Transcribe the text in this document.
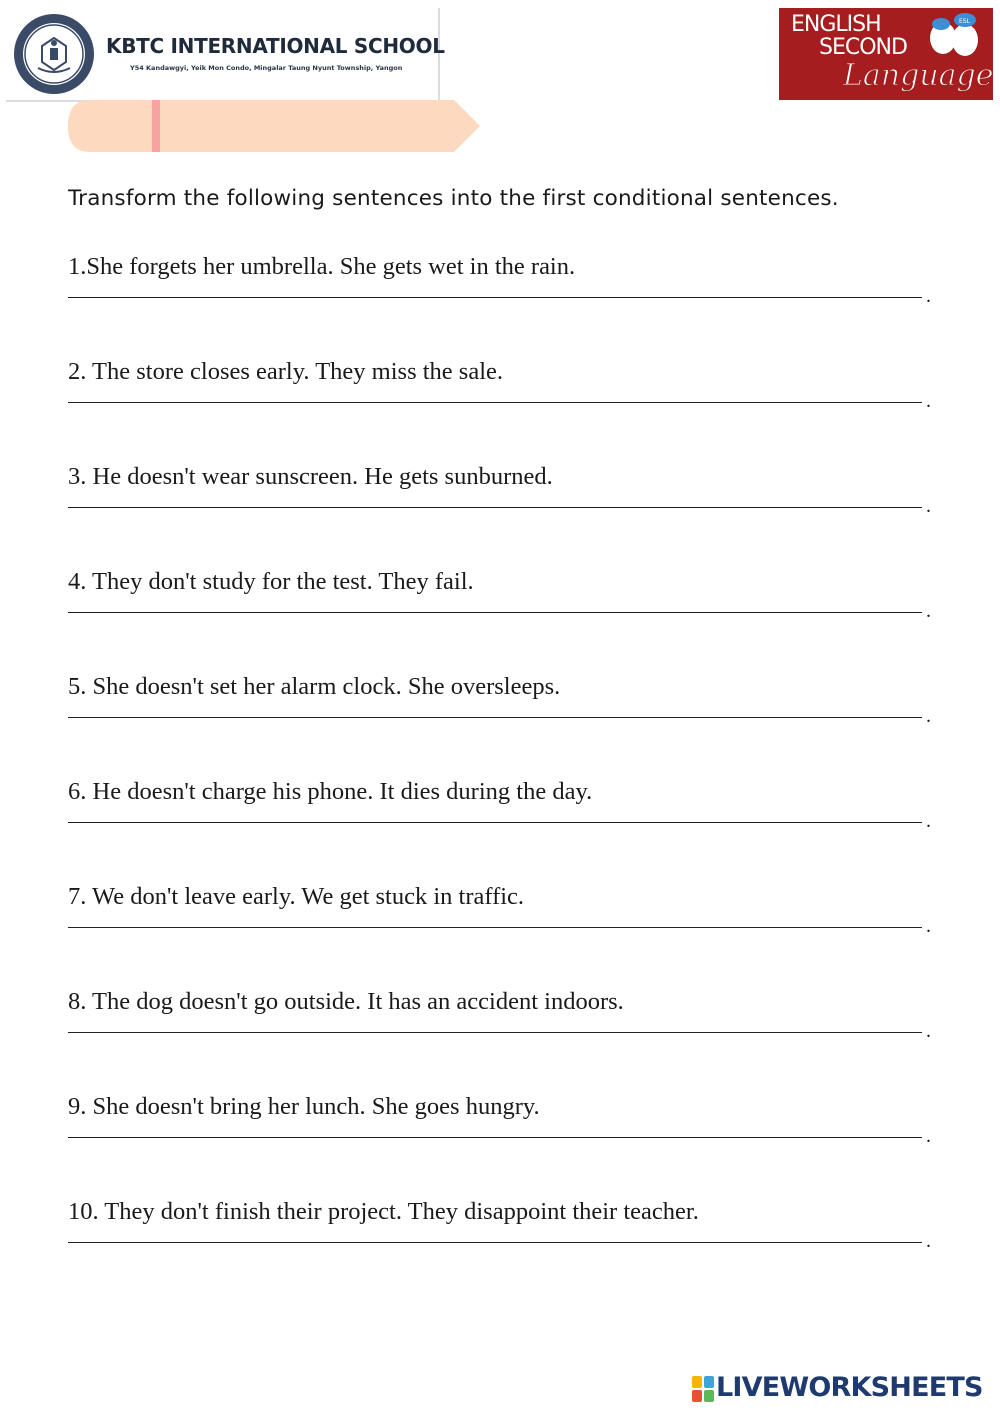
KBTC INTERNATIONAL SCHOOL
Y54 Kandawgyi, Yeik Mon Condo, Mingalar Taung Nyunt Township, Yangon
ESL
ENGLISH
SECOND
Language
Transform the following sentences into the first conditional sentences.
1.She forgets her umbrella. She gets wet in the rain.
.
2. The store closes early. They miss the sale.
.
3. He doesn't wear sunscreen. He gets sunburned.
.
4. They don't study for the test. They fail.
.
5. She doesn't set her alarm clock. She oversleeps.
.
6. He doesn't charge his phone. It dies during the day.
.
7. We don't leave early. We get stuck in traffic.
.
8. The dog doesn't go outside. It has an accident indoors.
.
9. She doesn't bring her lunch. She goes hungry.
.
10. They don't finish their project. They disappoint their teacher.
.
LIVEWORKSHEETS
